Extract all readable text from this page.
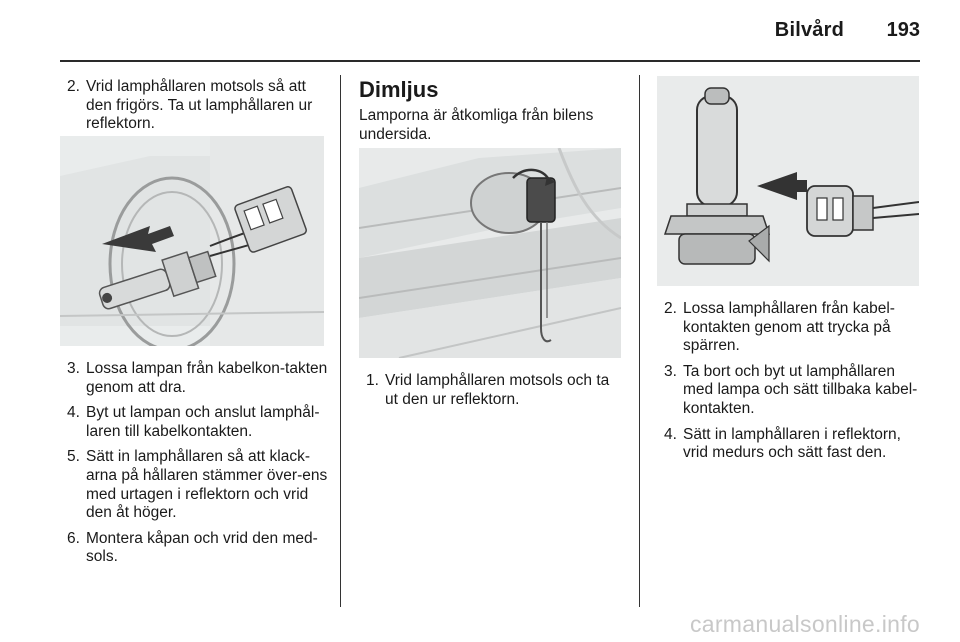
Bilvård	193

2. Vrid lamphållaren motsols så att den frigörs. Ta ut lamphållaren ur reflektorn.

3. Lossa lampan från kabelkon-takten genom att dra.

4. Byt ut lampan och anslut lamphål-laren till kabelkontakten.

5. Sätt in lamphållaren så att klack-arna på hållaren stämmer över-ens med urtagen i reflektorn och vrid den åt höger.

6. Montera kåpan och vrid den med-sols.

Dimljus
Lamporna är åtkomliga från bilens undersida.

1. Vrid lamphållaren motsols och ta ut den ur reflektorn.

2. Lossa lamphållaren från kabel-kontakten genom att trycka på spärren.

3. Ta bort och byt ut lamphållaren med lampa och sätt tillbaka kabel-kontakten.

4. Sätt in lamphållaren i reflektorn, vrid medurs och sätt fast den.

carmanualsonline.info
